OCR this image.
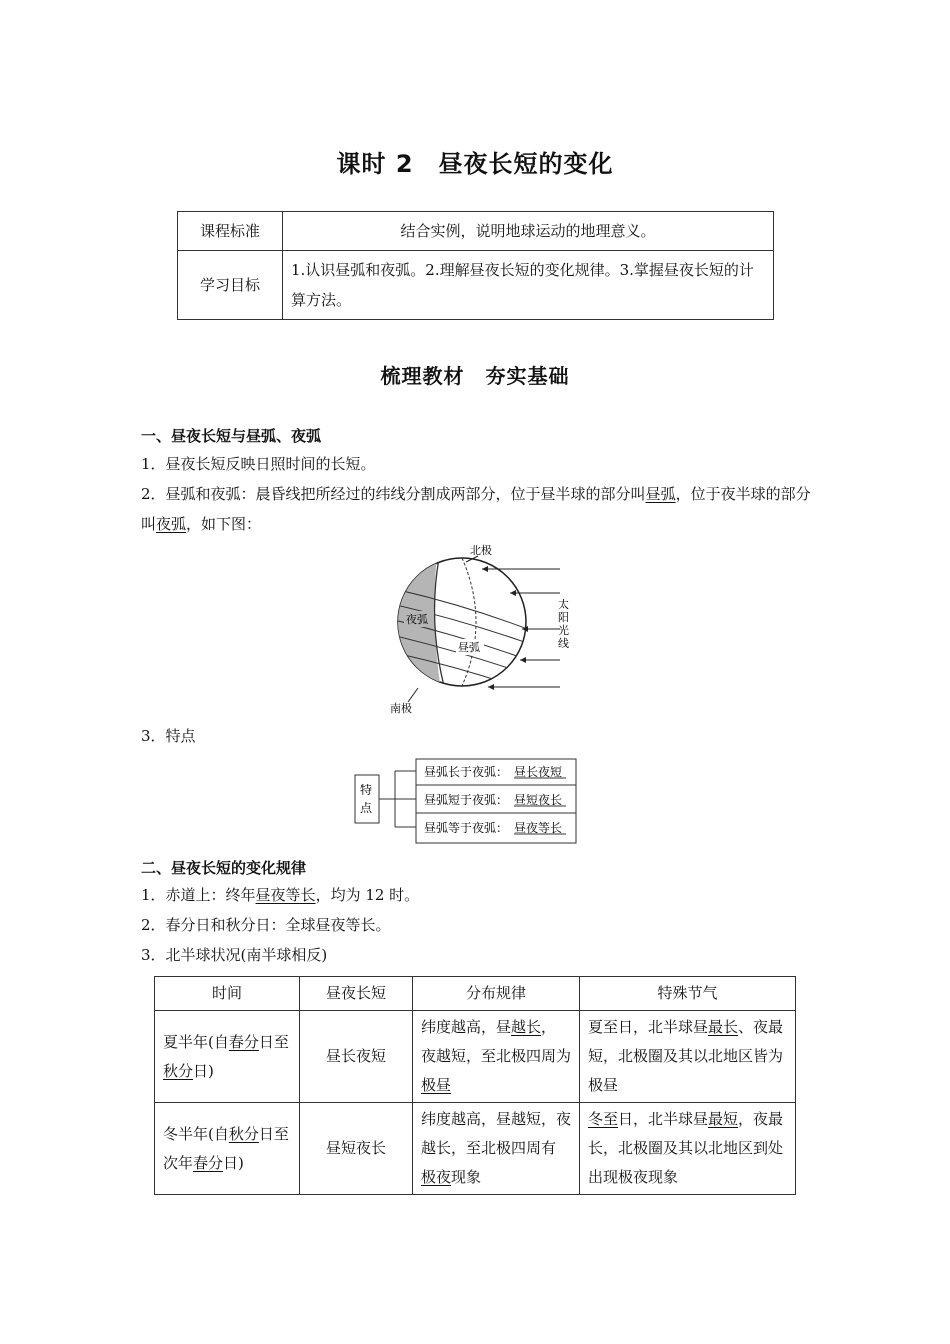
课时 2　昼夜长短的变化
课程标准	结合实例，说明地球运动的地理意义。
学习目标	1.认识昼弧和夜弧。2.理解昼夜长短的变化规律。3.掌握昼夜长短的计算方法。
梳理教材　夯实基础
一、昼夜长短与昼弧、夜弧
1．昼夜长短反映日照时间的长短。
2．昼弧和夜弧：晨昏线把所经过的纬线分割成两部分，位于昼半球的部分叫昼弧，位于夜半球的部分叫夜弧，如下图：
北极
南极
夜弧
昼弧
太
阳
光
线
3．特点
特
点
昼弧长于夜弧： 昼长夜短
昼弧短于夜弧： 昼短夜长
昼弧等于夜弧： 昼夜等长
二、昼夜长短的变化规律
1．赤道上：终年昼夜等长，均为 12 时。
2．春分日和秋分日：全球昼夜等长。
3．北半球状况(南半球相反)
时间	昼夜长短	分布规律	特殊节气
夏半年(自春分日至秋分日)	昼长夜短	纬度越高，昼越长，夜越短，至北极四周为极昼	夏至日，北半球昼最长、夜最短，北极圈及其以北地区皆为极昼
冬半年(自秋分日至次年春分日)	昼短夜长	纬度越高，昼越短，夜越长，至北极四周有极夜现象	冬至日，北半球昼最短，夜最长，北极圈及其以北地区到处出现极夜现象
